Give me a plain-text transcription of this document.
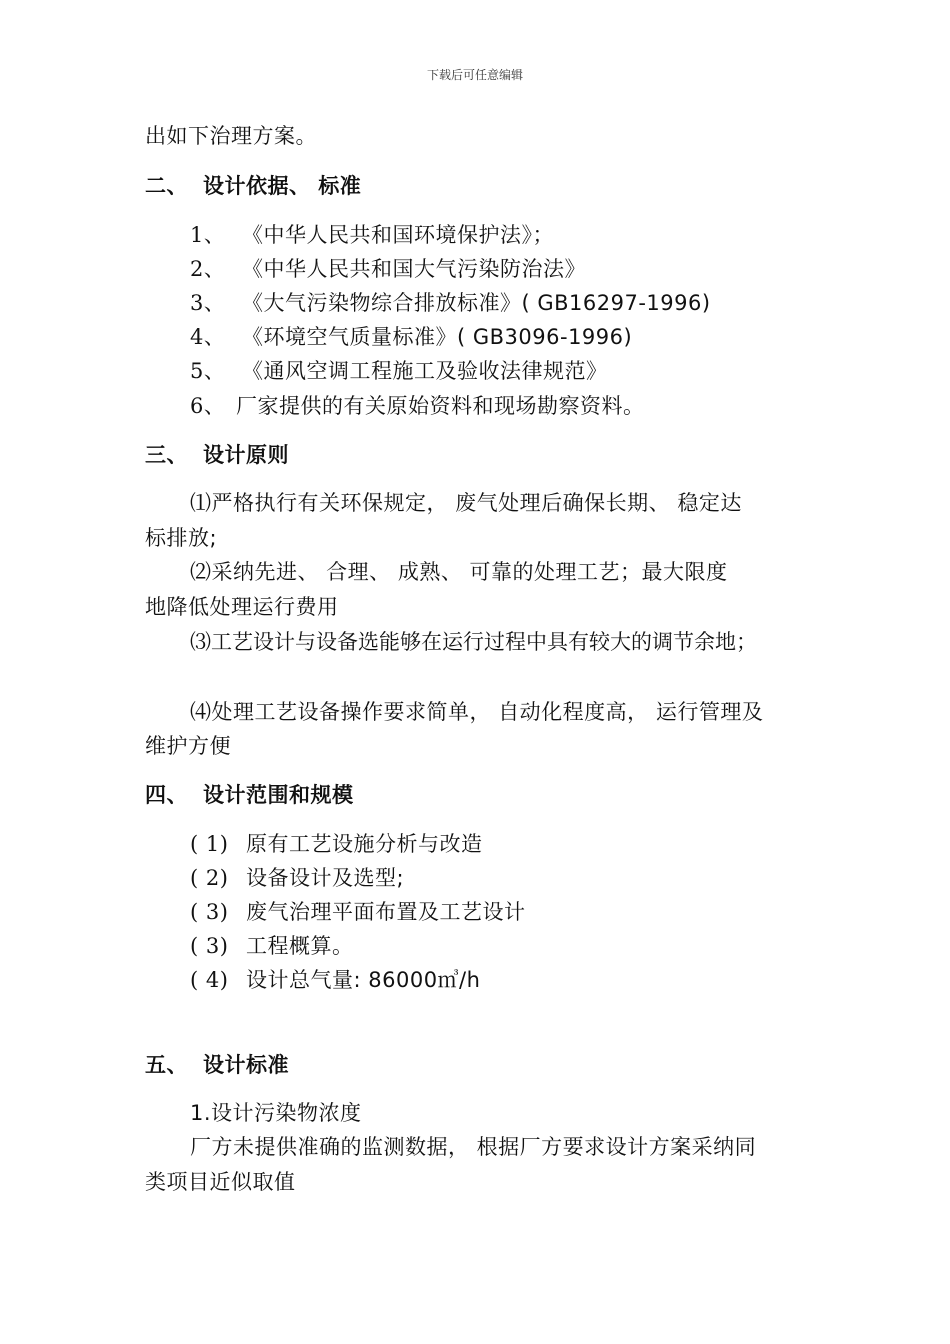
下载后可任意编辑
出如下治理方案。
二、 设计依据、 标准
1、 《中华人民共和国环境保护法》；
2、 《中华人民共和国大气污染防治法》
3、 《大气污染物综合排放标准》( GB16297-1996)
4、 《环境空气质量标准》( GB3096-1996)
5、 《通风空调工程施工及验收法律规范》
6、 厂家提供的有关原始资料和现场勘察资料。
三、 设计原则
⑴严格执行有关环保规定， 废气处理后确保长期、 稳定达
标排放;
⑵采纳先进、 合理、 成熟、 可靠的处理工艺；最大限度
地降低处理运行费用
⑶工艺设计与设备选能够在运行过程中具有较大的调节余地；
⑷处理工艺设备操作要求简单， 自动化程度高， 运行管理及
维护方便
四、 设计范围和规模
( 1) 原有工艺设施分析与改造
( 2) 设备设计及选型;
( 3) 废气治理平面布置及工艺设计
( 3) 工程概算。
( 4) 设计总气量: 86000㎥/h
五、 设计标准
1.设计污染物浓度
厂方未提供准确的监测数据， 根据厂方要求设计方案采纳同
类项目近似取值
